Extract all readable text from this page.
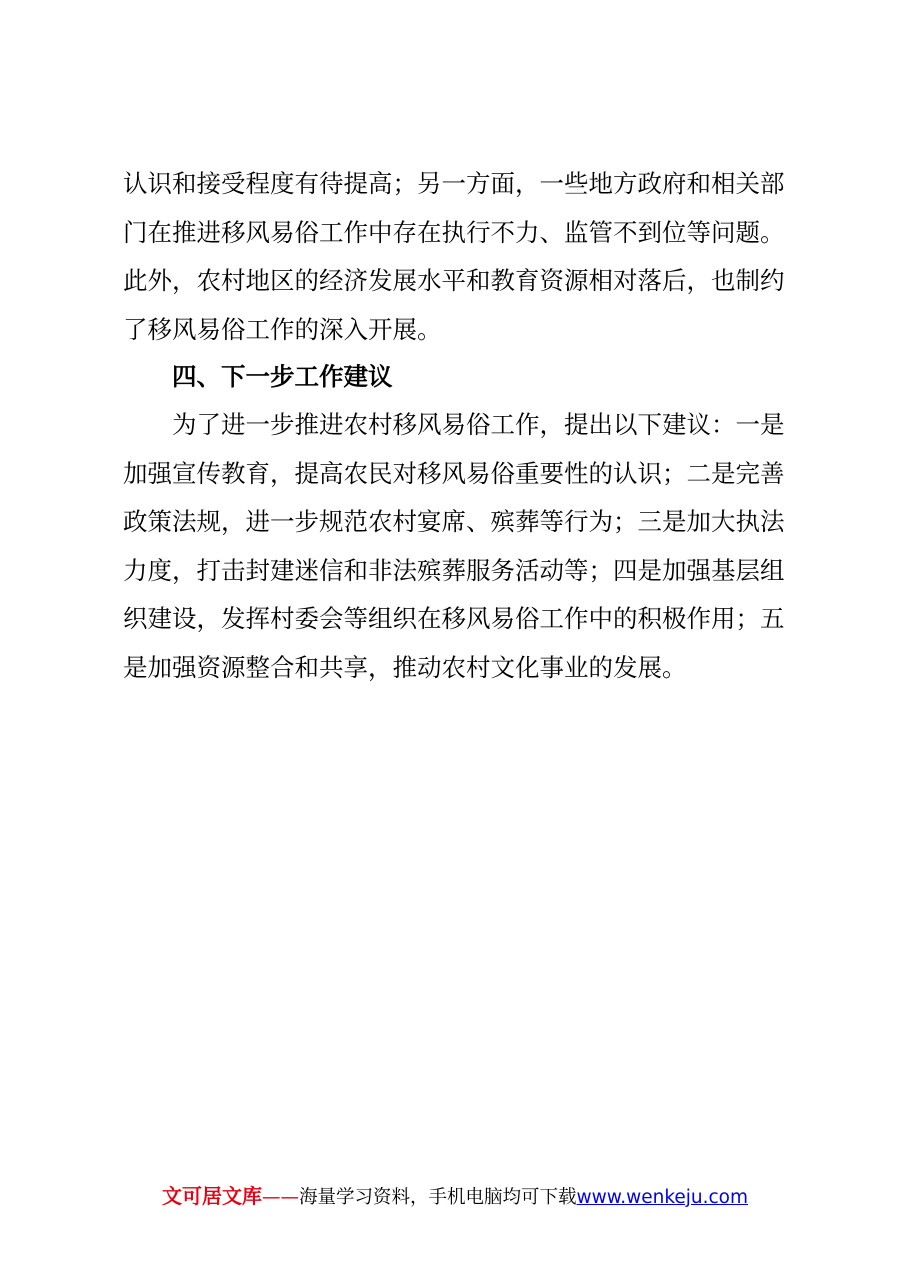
认识和接受程度有待提高；另一方面，一些地方政府和相关部
门在推进移风易俗工作中存在执行不力、监管不到位等问题。
此外，农村地区的经济发展水平和教育资源相对落后，也制约
了移风易俗工作的深入开展。
四、下一步工作建议
　　为了进一步推进农村移风易俗工作，提出以下建议：一是
加强宣传教育，提高农民对移风易俗重要性的认识；二是完善
政策法规，进一步规范农村宴席、殡葬等行为；三是加大执法
力度，打击封建迷信和非法殡葬服务活动等；四是加强基层组
织建设，发挥村委会等组织在移风易俗工作中的积极作用；五
是加强资源整合和共享，推动农村文化事业的发展。
文可居文库——海量学习资料，手机电脑均可下载www.wenkeju.com
